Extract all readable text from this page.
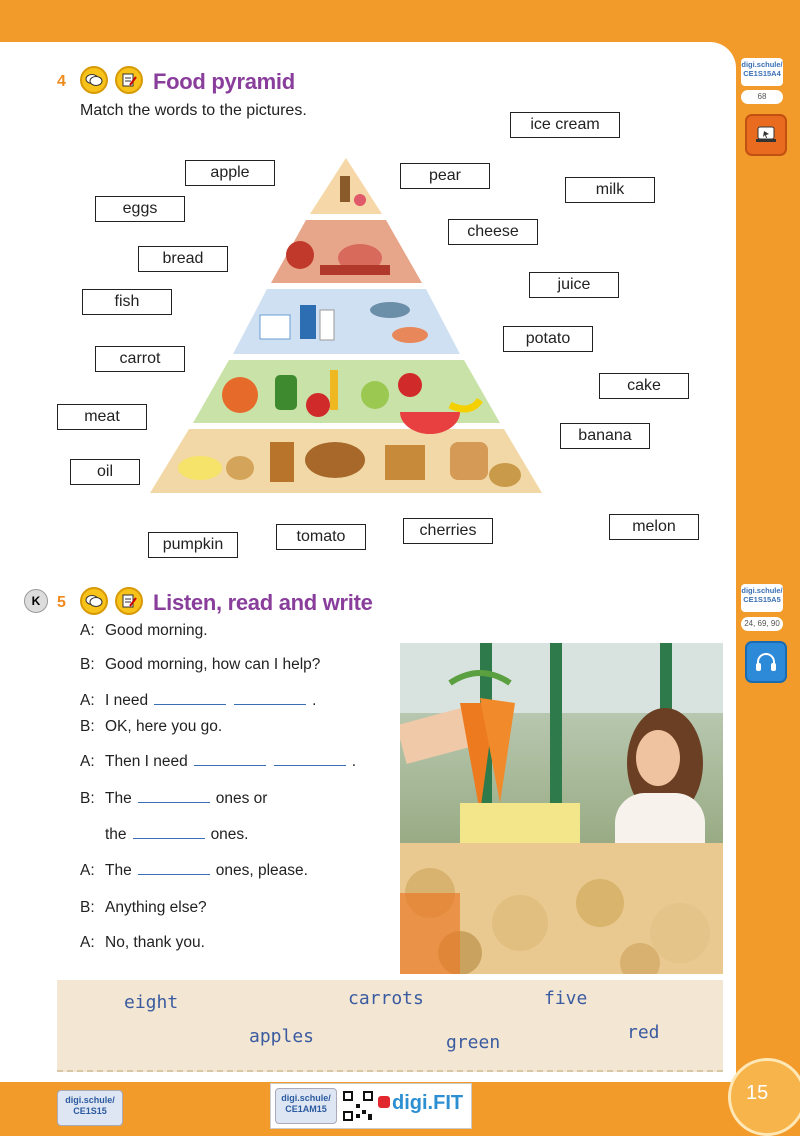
4	Food pyramid
Match the words to the pictures.
ice cream
apple	pear
milk
eggs
cheese
bread
juice
fish
potato
carrot
cake
meat
banana
oil
melon
cherries
tomato
pumpkin
K	5	Listen, read and write
A: Good morning.
B: Good morning, how can I help?
A: I need	.
B: OK, here you go.
A: Then I need	.
B: The	ones or
the	ones.
A: The	ones, please.
B: Anything else?
A: No, thank you.
eight	carrots	five
apples	green	red
digi.schule/
CE1S15A4
68
digi.schule/
CE1S15A5
24, 69, 90
digi.schule/
CE1S15
digi.schule/
CE1AM15	digi.FIT	15
